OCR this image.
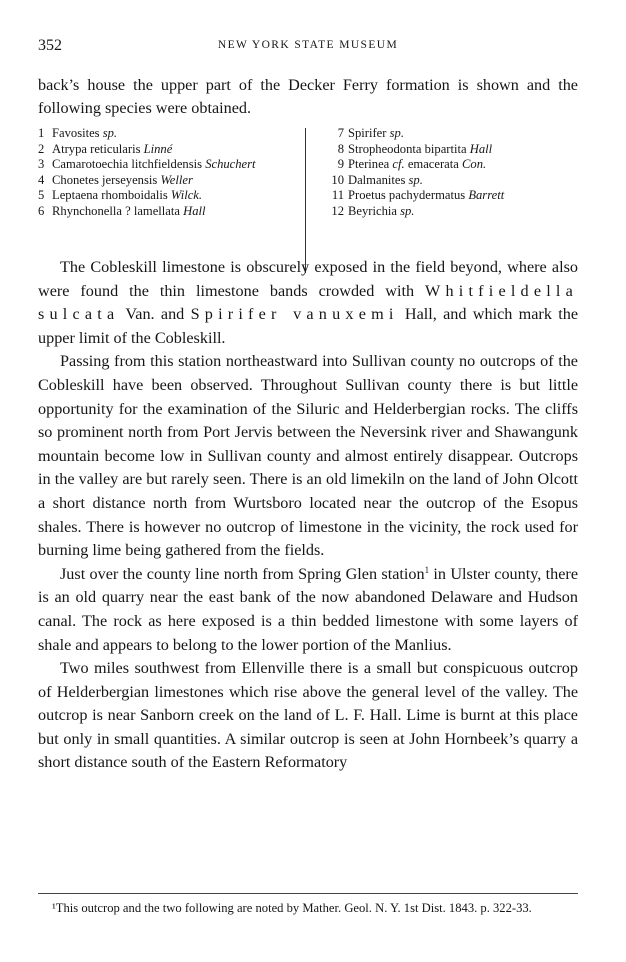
352	NEW YORK STATE MUSEUM
back’s house the upper part of the Decker Ferry formation is shown and the following species were obtained.
1 Favosites sp.
2 Atrypa reticularis Linné
3 Camarotoechia litchfieldensis Schuchert
4 Chonetes jerseyensis Weller
5 Leptaena rhomboidalis Wilck.
6 Rhynchonella ? lamellata Hall
7 Spirifer sp.
8 Stropheodonta bipartita Hall
9 Pterinea cf. emacerata Con.
10 Dalmanites sp.
11 Proetus pachydermatus Barrett
12 Beyrichia sp.

The Cobleskill limestone is obscurely exposed in the field beyond, where also were found the thin limestone bands crowded with Whitfieldella sulcata Van. and Spirifer vanuxemi Hall, and which mark the upper limit of the Cobleskill.

Passing from this station northeastward into Sullivan county no outcrops of the Cobleskill have been observed. Throughout Sullivan county there is but little opportunity for the examination of the Siluric and Helderbergian rocks. The cliffs so prominent north from Port Jervis between the Neversink river and Shawangunk mountain become low in Sullivan county and almost entirely disappear. Outcrops in the valley are but rarely seen. There is an old limekiln on the land of John Olcott a short distance north from Wurtsboro located near the outcrop of the Esopus shales. There is however no outcrop of limestone in the vicinity, the rock used for burning lime being gathered from the fields.

Just over the county line north from Spring Glen station$^1$ in Ulster county, there is an old quarry near the east bank of the now abandoned Delaware and Hudson canal. The rock as here exposed is a thin bedded limestone with some layers of shale and appears to belong to the lower portion of the Manlius.

Two miles southwest from Ellenville there is a small but conspicuous outcrop of Helderbergian limestones which rise above the general level of the valley. The outcrop is near Sanborn creek on the land of L. F. Hall. Lime is burnt at this place but only in small quantities. A similar outcrop is seen at John Hornbeek’s quarry a short distance south of the Eastern Reformatory

¹This outcrop and the two following are noted by Mather. Geol. N. Y. 1st Dist. 1843. p. 322-33.
